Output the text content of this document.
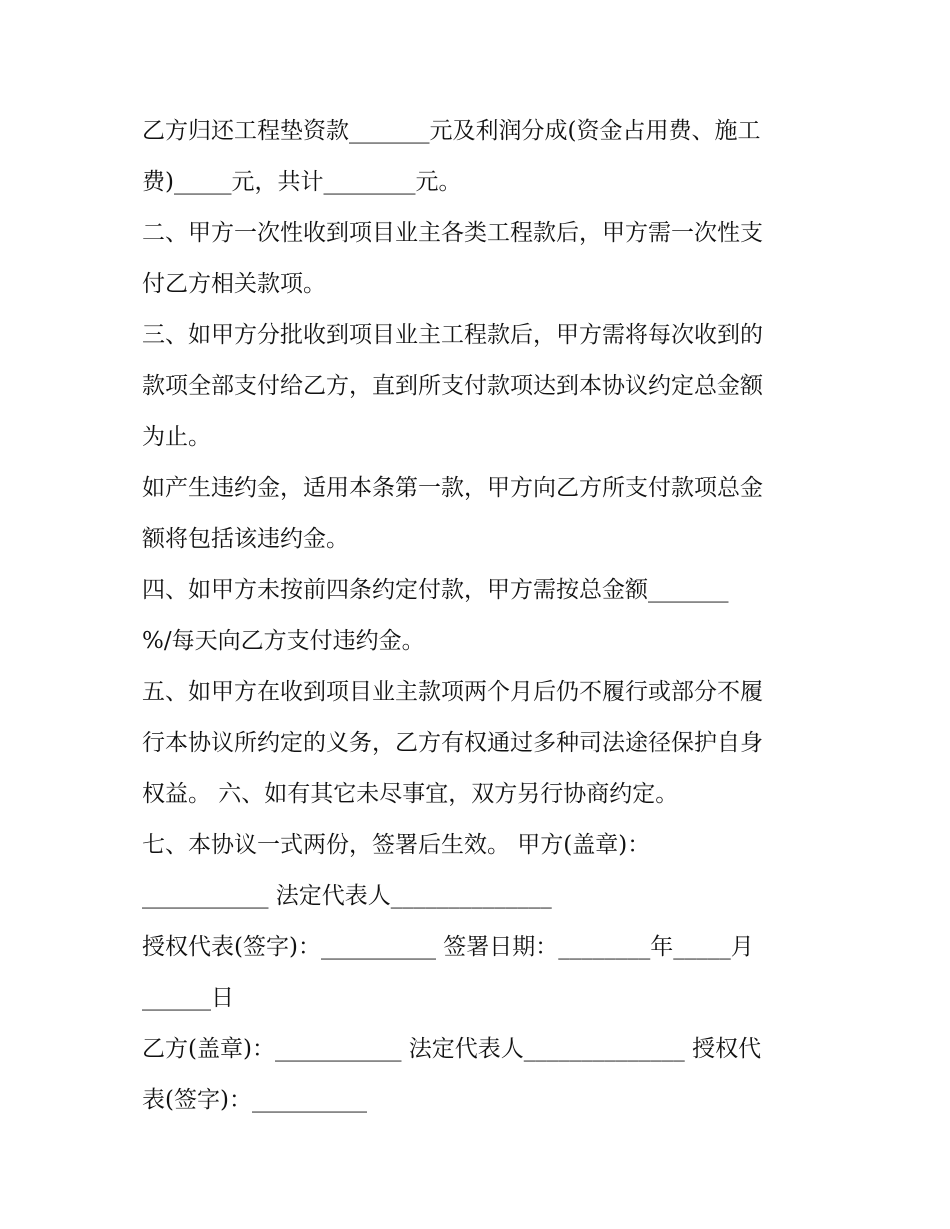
乙方归还工程垫资款_______元及利润分成(资金占用费、施工
费)_____元，共计________元。
二、甲方一次性收到项目业主各类工程款后，甲方需一次性支
付乙方相关款项。
三、如甲方分批收到项目业主工程款后，甲方需将每次收到的
款项全部支付给乙方，直到所支付款项达到本协议约定总金额
为止。
如产生违约金，适用本条第一款，甲方向乙方所支付款项总金
额将包括该违约金。
四、如甲方未按前四条约定付款，甲方需按总金额_______
%/每天向乙方支付违约金。
五、如甲方在收到项目业主款项两个月后仍不履行或部分不履
行本协议所约定的义务，乙方有权通过多种司法途径保护自身
权益。 六、如有其它未尽事宜，双方另行协商约定。
七、本协议一式两份，签署后生效。 甲方(盖章)：
___________ 法定代表人______________
授权代表(签字)：__________ 签署日期：________年_____月
______日
乙方(盖章)：___________ 法定代表人______________ 授权代
表(签字)：__________
